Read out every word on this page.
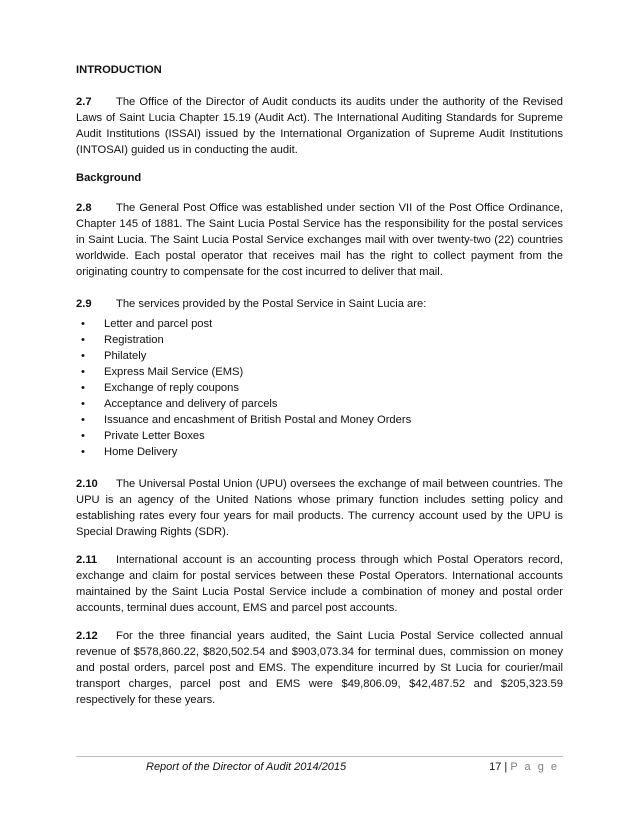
INTRODUCTION

2.7 The Office of the Director of Audit conducts its audits under the authority of the Revised Laws of Saint Lucia Chapter 15.19 (Audit Act). The International Auditing Standards for Supreme Audit Institutions (ISSAI) issued by the International Organization of Supreme Audit Institutions (INTOSAI) guided us in conducting the audit.

Background

2.8 The General Post Office was established under section VII of the Post Office Ordinance, Chapter 145 of 1881. The Saint Lucia Postal Service has the responsibility for the postal services in Saint Lucia. The Saint Lucia Postal Service exchanges mail with over twenty-two (22) countries worldwide. Each postal operator that receives mail has the right to collect payment from the originating country to compensate for the cost incurred to deliver that mail.

2.9 The services provided by the Postal Service in Saint Lucia are:

• Letter and parcel post
• Registration
• Philately
• Express Mail Service (EMS)
• Exchange of reply coupons
• Acceptance and delivery of parcels
• Issuance and encashment of British Postal and Money Orders
• Private Letter Boxes
• Home Delivery

2.10 The Universal Postal Union (UPU) oversees the exchange of mail between countries. The UPU is an agency of the United Nations whose primary function includes setting policy and establishing rates every four years for mail products. The currency account used by the UPU is Special Drawing Rights (SDR).

2.11 International account is an accounting process through which Postal Operators record, exchange and claim for postal services between these Postal Operators. International accounts maintained by the Saint Lucia Postal Service include a combination of money and postal order accounts, terminal dues account, EMS and parcel post accounts.

2.12 For the three financial years audited, the Saint Lucia Postal Service collected annual revenue of $578,860.22, $820,502.54 and $903,073.34 for terminal dues, commission on money and postal orders, parcel post and EMS. The expenditure incurred by St Lucia for courier/mail transport charges, parcel post and EMS were $49,806.09, $42,487.52 and $205,323.59 respectively for these years.

Report of the Director of Audit 2014/2015	17 | P a g e
